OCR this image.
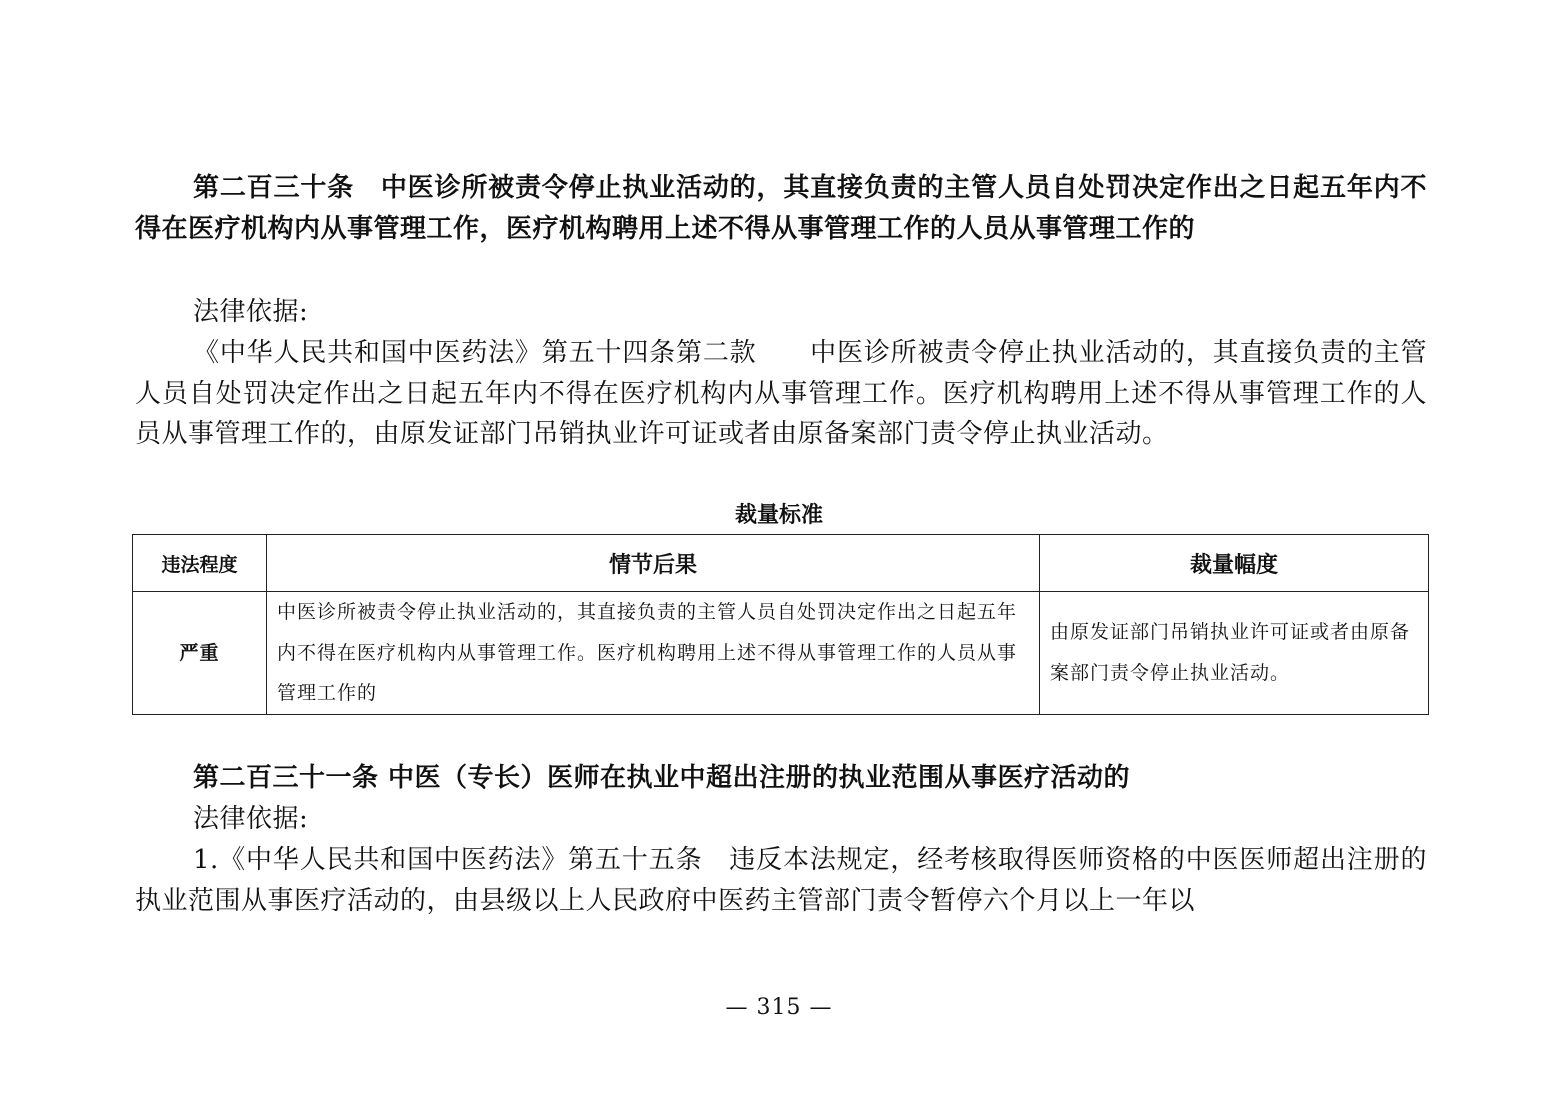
第二百三十条　中医诊所被责令停止执业活动的，其直接负责的主管人员自处罚决定作出之日起五年内不得在医疗机构内从事管理工作，医疗机构聘用上述不得从事管理工作的人员从事管理工作的
法律依据:
《中华人民共和国中医药法》第五十四条第二款　　中医诊所被责令停止执业活动的，其直接负责的主管人员自处罚决定作出之日起五年内不得在医疗机构内从事管理工作。医疗机构聘用上述不得从事管理工作的人员从事管理工作的，由原发证部门吊销执业许可证或者由原备案部门责令停止执业活动。
裁量标准
违法程度	情节后果	裁量幅度
严重	中医诊所被责令停止执业活动的，其直接负责的主管人员自处罚决定作出之日起五年内不得在医疗机构内从事管理工作。医疗机构聘用上述不得从事管理工作的人员从事管理工作的	由原发证部门吊销执业许可证或者由原备案部门责令停止执业活动。
第二百三十一条 中医（专长）医师在执业中超出注册的执业范围从事医疗活动的
法律依据:
1.《中华人民共和国中医药法》第五十五条　违反本法规定，经考核取得医师资格的中医医师超出注册的执业范围从事医疗活动的，由县级以上人民政府中医药主管部门责令暂停六个月以上一年以
— 315 —
